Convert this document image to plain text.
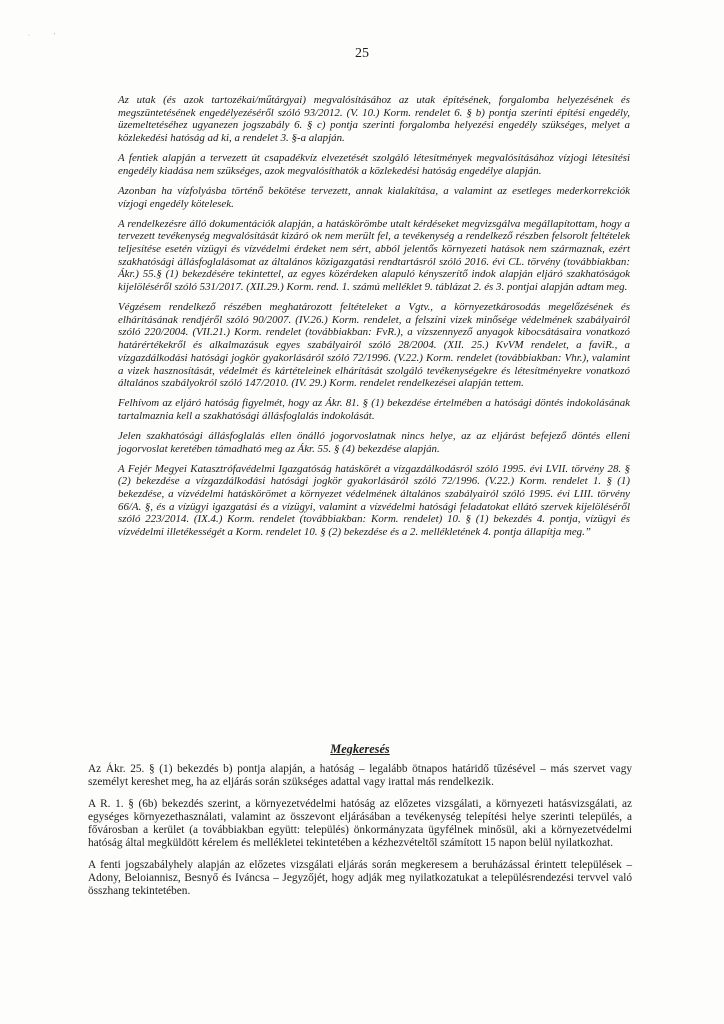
·                '
25

Az utak (és azok tartozékai/műtárgyai) megvalósításához az utak építésének, forgalomba helyezésének és megszüntetésének engedélyezéséről szóló 93/2012. (V. 10.) Korm. rendelet 6. § b) pontja szerinti építési engedély, üzemeltetéséhez ugyanezen jogszabály 6. § c) pontja szerinti forgalomba helyezési engedély szükséges, melyet a közlekedési hatóság ad ki, a rendelet 3. §-a alapján.

A fentiek alapján a tervezett út csapadékvíz elvezetését szolgáló létesítmények megvalósításához vízjogi létesítési engedély kiadása nem szükséges, azok megvalósíthatók a közlekedési hatóság engedélye alapján.

Azonban ha vízfolyásba történő bekötése tervezett, annak kialakítása, a valamint az esetleges mederkorrekciók vízjogi engedély kötelesek.

A rendelkezésre álló dokumentációk alapján, a hatáskörömbe utalt kérdéseket megvizsgálva megállapítottam, hogy a tervezett tevékenység megvalósítását kizáró ok nem merült fel, a tevékenység a rendelkező részben felsorolt feltételek teljesítése esetén vízügyi és vízvédelmi érdeket nem sért, abból jelentős környezeti hatások nem származnak, ezért szakhatósági állásfoglalásomat az általános közigazgatási rendtartásról szóló 2016. évi CL. törvény (továbbiakban: Ákr.) 55.§ (1) bekezdésére tekintettel, az egyes közérdeken alapuló kényszerítő indok alapján eljáró szakhatóságok kijelöléséről szóló 531/2017. (XII.29.) Korm. rend. 1. számú melléklet 9. táblázat 2. és 3. pontjai alapján adtam meg.

Végzésem rendelkező részében meghatározott feltételeket a Vgtv., a környezetkárosodás megelőzésének és elhárításának rendjéről szóló 90/2007. (IV.26.) Korm. rendelet, a felszíni vizek minősége védelmének szabályairól szóló 220/2004. (VII.21.) Korm. rendelet (továbbiakban: FvR.), a vízszennyező anyagok kibocsátásaira vonatkozó határértékekről és alkalmazásuk egyes szabályairól szóló 28/2004. (XII. 25.) KvVM rendelet, a faviR., a vízgazdálkodási hatósági jogkör gyakorlásáról szóló 72/1996. (V.22.) Korm. rendelet (továbbiakban: Vhr.), valamint a vizek hasznosítását, védelmét és kártételeinek elhárítását szolgáló tevékenységekre és létesítményekre vonatkozó általános szabályokról szóló 147/2010. (IV. 29.) Korm. rendelet rendelkezései alapján tettem.

Felhívom az eljáró hatóság figyelmét, hogy az Ákr. 81. § (1) bekezdése értelmében a hatósági döntés indokolásának tartalmaznia kell a szakhatósági állásfoglalás indokolását.

Jelen szakhatósági állásfoglalás ellen önálló jogorvoslatnak nincs helye, az az eljárást befejező döntés elleni jogorvoslat keretében támadható meg az Ákr. 55. § (4) bekezdése alapján.

A Fejér Megyei Katasztrófavédelmi Igazgatóság hatáskörét a vízgazdálkodásról szóló 1995. évi LVII. törvény 28. § (2) bekezdése a vízgazdálkodási hatósági jogkör gyakorlásáról szóló 72/1996. (V.22.) Korm. rendelet 1. § (1) bekezdése, a vízvédelmi hatáskörömet a környezet védelmének általános szabályairól szóló 1995. évi LIII. törvény 66/A. §, és a vízügyi igazgatási és a vízügyi, valamint a vízvédelmi hatósági feladatokat ellátó szervek kijelöléséről szóló 223/2014. (IX.4.) Korm. rendelet (továbbiakban: Korm. rendelet) 10. § (1) bekezdés 4. pontja, vízügyi és vízvédelmi illetékességét a Korm. rendelet 10. § (2) bekezdése és a 2. mellékletének 4. pontja állapítja meg.”

Megkeresés

Az Ákr. 25. § (1) bekezdés b) pontja alapján, a hatóság – legalább ötnapos határidő tűzésével – más szervet vagy személyt kereshet meg, ha az eljárás során szükséges adattal vagy irattal más rendelkezik.

A R. 1. § (6b) bekezdés szerint, a környezetvédelmi hatóság az előzetes vizsgálati, a környezeti hatásvizsgálati, az egységes környezethasználati, valamint az összevont eljárásában a tevékenység telepítési helye szerinti település, a fővárosban a kerület (a továbbiakban együtt: település) önkormányzata ügyfélnek minősül, aki a környezetvédelmi hatóság által megküldött kérelem és mellékletei tekintetében a kézhezvételtől számított 15 napon belül nyilatkozhat.

A fenti jogszabályhely alapján az előzetes vizsgálati eljárás során megkeresem a beruházással érintett települések – Adony, Beloiannisz, Besnyő és Iváncsa – Jegyzőjét, hogy adják meg nyilatkozatukat a településrendezési tervvel való összhang tekintetében.
